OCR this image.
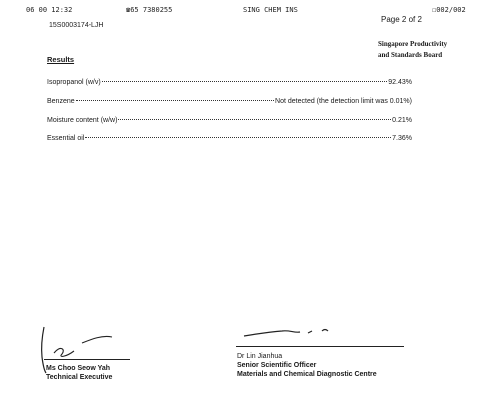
06 00 12:32	☎65 7380255	SING CHEM INS	☐002/002
15S0003174-LJH
Page 2 of 2
Singapore Productivity
and Standards Board
Results
Isopropanol (w/v)	92.43%
Benzene	Not detected (the detection limit was 0.01%)
Moisture content (w/w)	0.21%
Essential oil	7.36%
Ms Choo Seow Yah
Technical Executive
Dr Lin Jianhua
Senior Scientific Officer
Materials and Chemical Diagnostic Centre
